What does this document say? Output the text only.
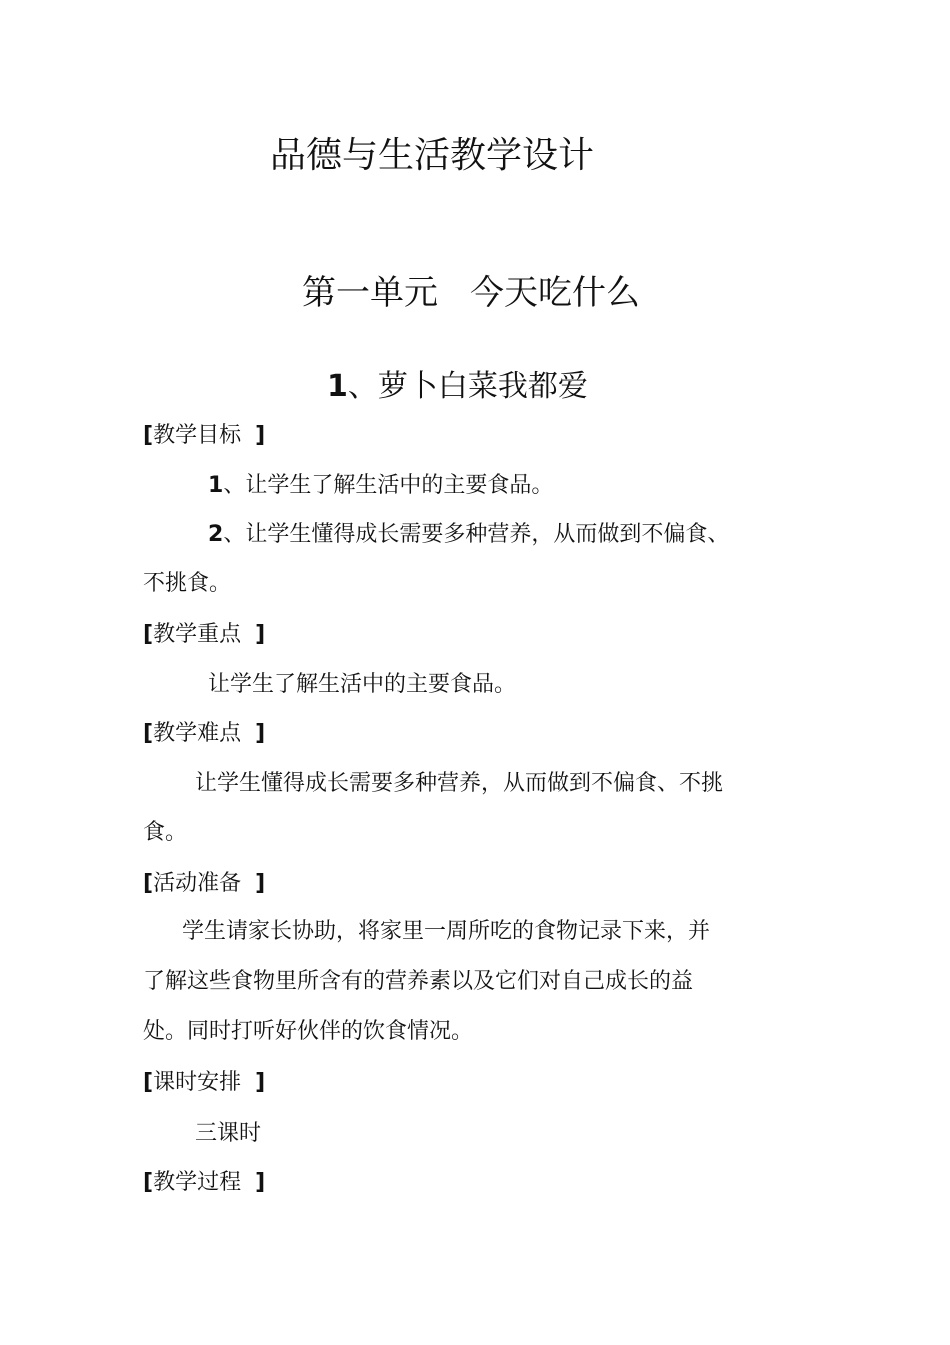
品德与生活教学设计
第一单元 今天吃什么
1、萝卜白菜我都爱
[教学目标 ]
1、让学生了解生活中的主要食品。
2、让学生懂得成长需要多种营养，从而做到不偏食、
不挑食。
[教学重点 ]
让学生了解生活中的主要食品。
[教学难点 ]
让学生懂得成长需要多种营养，从而做到不偏食、不挑
食。
[活动准备 ]
学生请家长协助，将家里一周所吃的食物记录下来，并
了解这些食物里所含有的营养素以及它们对自己成长的益
处。同时打听好伙伴的饮食情况。
[课时安排 ]
三课时
[教学过程 ]
